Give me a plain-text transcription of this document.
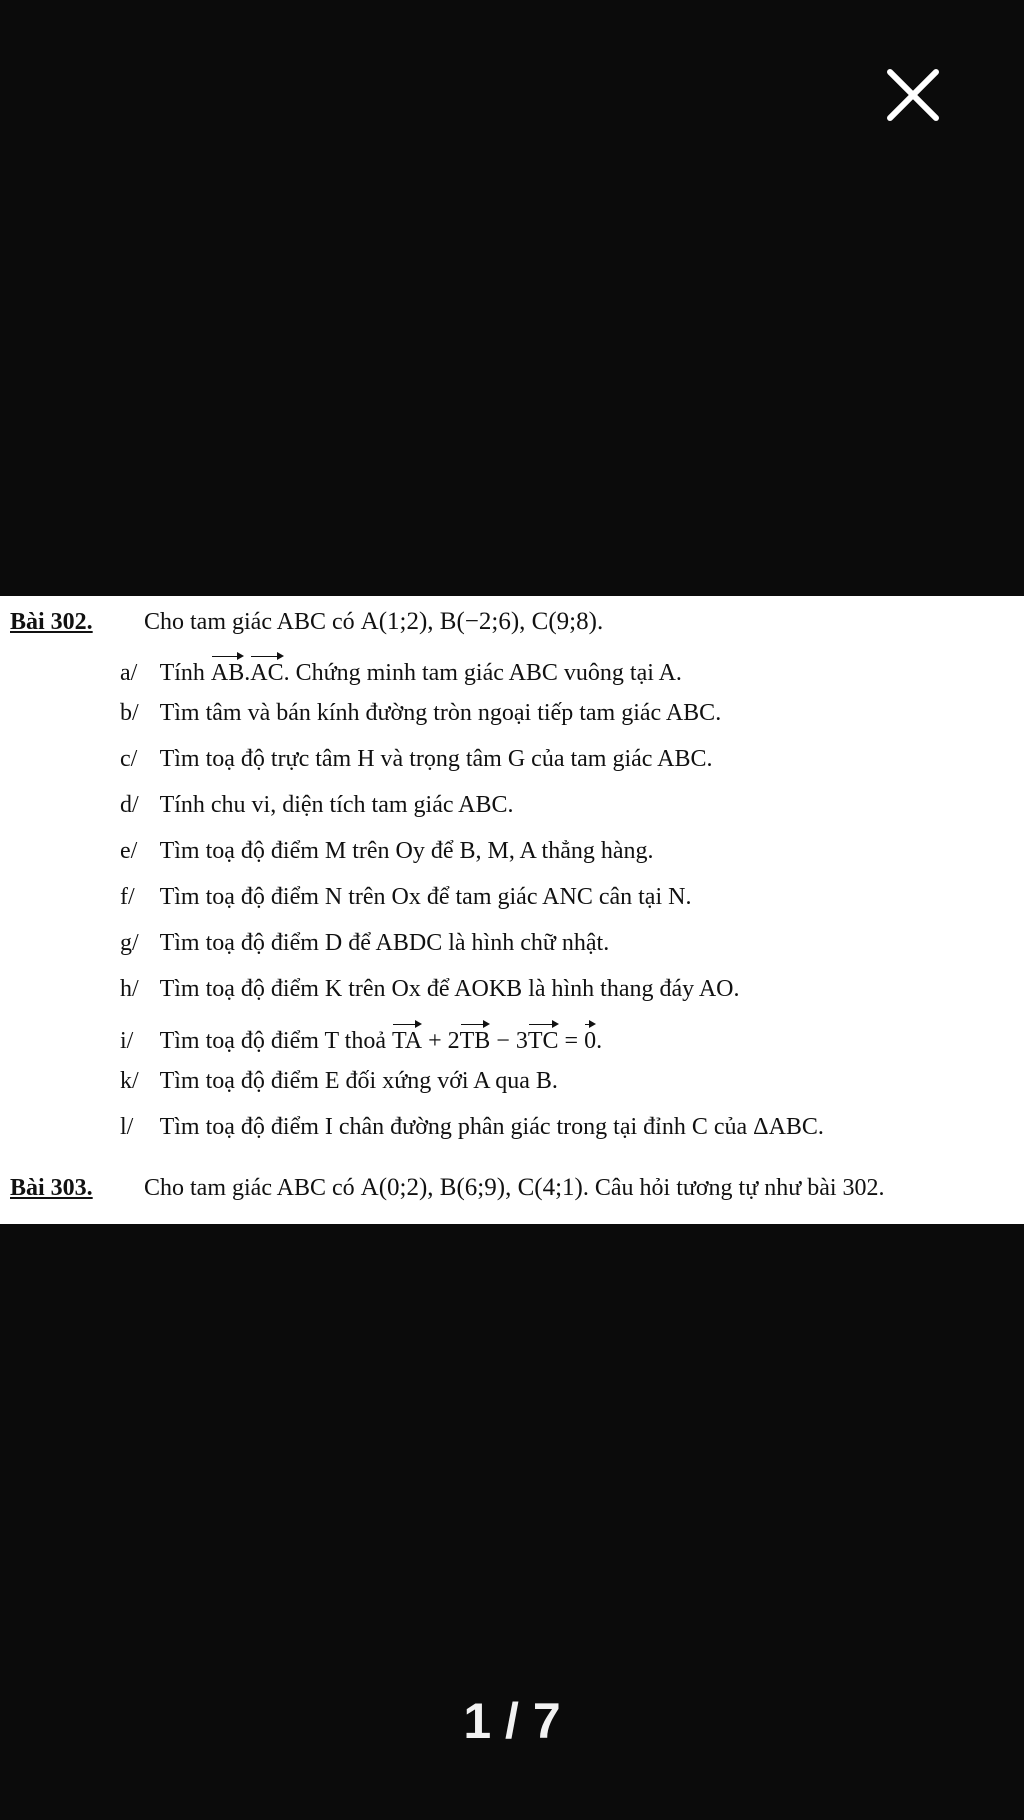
Bài 302. Cho tam giác ABC có A(1;2), B(−2;6), C(9;8).
a/ Tính AB.AC. Chứng minh tam giác ABC vuông tại A.
b/ Tìm tâm và bán kính đường tròn ngoại tiếp tam giác ABC.
c/ Tìm toạ độ trực tâm H và trọng tâm G của tam giác ABC.
d/ Tính chu vi, diện tích tam giác ABC.
e/ Tìm toạ độ điểm M trên Oy để B, M, A thẳng hàng.
f/ Tìm toạ độ điểm N trên Ox để tam giác ANC cân tại N.
g/ Tìm toạ độ điểm D để ABDC là hình chữ nhật.
h/ Tìm toạ độ điểm K trên Ox để AOKB là hình thang đáy AO.
i/ Tìm toạ độ điểm T thoả TA + 2TB − 3TC = 0.
k/ Tìm toạ độ điểm E đối xứng với A qua B.
l/ Tìm toạ độ điểm I chân đường phân giác trong tại đỉnh C của ΔABC.
Bài 303. Cho tam giác ABC có A(0;2), B(6;9), C(4;1). Câu hỏi tương tự như bài 302.
1 / 7
